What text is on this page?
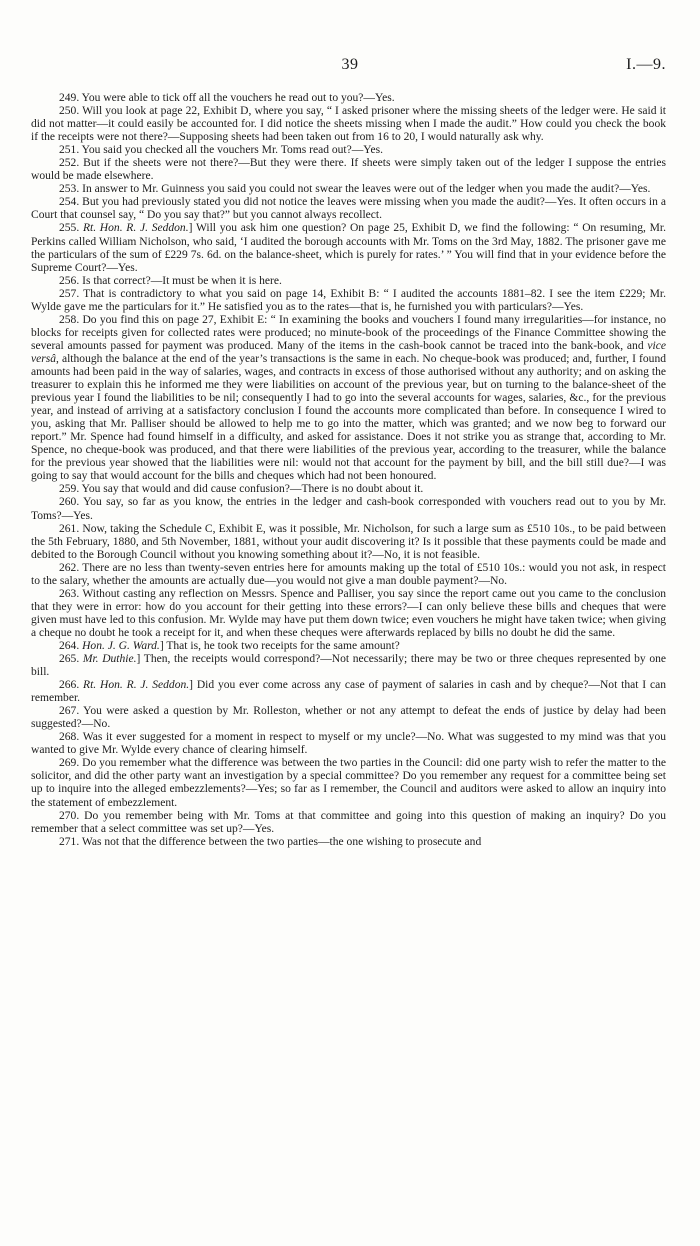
39	I.—9.

249. You were able to tick off all the vouchers he read out to you?—Yes.

250. Will you look at page 22, Exhibit D, where you say, “ I asked prisoner where the missing sheets of the ledger were. He said it did not matter—it could easily be accounted for. I did notice the sheets missing when I made the audit.” How could you check the book if the receipts were not there?—Supposing sheets had been taken out from 16 to 20, I would naturally ask why.

251. You said you checked all the vouchers Mr. Toms read out?—Yes.

252. But if the sheets were not there?—But they were there. If sheets were simply taken out of the ledger I suppose the entries would be made elsewhere.

253. In answer to Mr. Guinness you said you could not swear the leaves were out of the ledger when you made the audit?—Yes.

254. But you had previously stated you did not notice the leaves were missing when you made the audit?—Yes. It often occurs in a Court that counsel say, “ Do you say that?” but you cannot always recollect.

255. Rt. Hon. R. J. Seddon.] Will you ask him one question? On page 25, Exhibit D, we find the following: “ On resuming, Mr. Perkins called William Nicholson, who said, ‘I audited the borough accounts with Mr. Toms on the 3rd May, 1882. The prisoner gave me the particulars of the sum of £229 7s. 6d. on the balance-sheet, which is purely for rates.’ ” You will find that in your evidence before the Supreme Court?—Yes.

256. Is that correct?—It must be when it is here.

257. That is contradictory to what you said on page 14, Exhibit B: “ I audited the accounts 1881–82. I see the item £229; Mr. Wylde gave me the particulars for it.” He satisfied you as to the rates—that is, he furnished you with particulars?—Yes.

258. Do you find this on page 27, Exhibit E: “ In examining the books and vouchers I found many irregularities—for instance, no blocks for receipts given for collected rates were produced; no minute-book of the proceedings of the Finance Committee showing the several amounts passed for payment was produced. Many of the items in the cash-book cannot be traced into the bank-book, and vice versâ, although the balance at the end of the year’s transactions is the same in each. No cheque-book was produced; and, further, I found amounts had been paid in the way of salaries, wages, and contracts in excess of those authorised without any authority; and on asking the treasurer to explain this he informed me they were liabilities on account of the previous year, but on turning to the balance-sheet of the previous year I found the liabilities to be nil; consequently I had to go into the several accounts for wages, salaries, &c., for the previous year, and instead of arriving at a satisfactory conclusion I found the accounts more complicated than before. In consequence I wired to you, asking that Mr. Palliser should be allowed to help me to go into the matter, which was granted; and we now beg to forward our report.” Mr. Spence had found himself in a difficulty, and asked for assistance. Does it not strike you as strange that, according to Mr. Spence, no cheque-book was produced, and that there were liabilities of the previous year, according to the treasurer, while the balance for the previous year showed that the liabilities were nil: would not that account for the payment by bill, and the bill still due?—I was going to say that would account for the bills and cheques which had not been honoured.

259. You say that would and did cause confusion?—There is no doubt about it.

260. You say, so far as you know, the entries in the ledger and cash-book corresponded with vouchers read out to you by Mr. Toms?—Yes.

261. Now, taking the Schedule C, Exhibit E, was it possible, Mr. Nicholson, for such a large sum as £510 10s., to be paid between the 5th February, 1880, and 5th November, 1881, without your audit discovering it? Is it possible that these payments could be made and debited to the Borough Council without you knowing something about it?—No, it is not feasible.

262. There are no less than twenty-seven entries here for amounts making up the total of £510 10s.: would you not ask, in respect to the salary, whether the amounts are actually due—you would not give a man double payment?—No.

263. Without casting any reflection on Messrs. Spence and Palliser, you say since the report came out you came to the conclusion that they were in error: how do you account for their getting into these errors?—I can only believe these bills and cheques that were given must have led to this confusion. Mr. Wylde may have put them down twice; even vouchers he might have taken twice; when giving a cheque no doubt he took a receipt for it, and when these cheques were afterwards replaced by bills no doubt he did the same.

264. Hon. J. G. Ward.] That is, he took two receipts for the same amount?

265. Mr. Duthie.] Then, the receipts would correspond?—Not necessarily; there may be two or three cheques represented by one bill.

266. Rt. Hon. R. J. Seddon.] Did you ever come across any case of payment of salaries in cash and by cheque?—Not that I can remember.

267. You were asked a question by Mr. Rolleston, whether or not any attempt to defeat the ends of justice by delay had been suggested?—No.

268. Was it ever suggested for a moment in respect to myself or my uncle?—No. What was suggested to my mind was that you wanted to give Mr. Wylde every chance of clearing himself.

269. Do you remember what the difference was between the two parties in the Council: did one party wish to refer the matter to the solicitor, and did the other party want an investigation by a special committee? Do you remember any request for a committee being set up to inquire into the alleged embezzlements?—Yes; so far as I remember, the Council and auditors were asked to allow an inquiry into the statement of embezzlement.

270. Do you remember being with Mr. Toms at that committee and going into this question of making an inquiry? Do you remember that a select committee was set up?—Yes.

271. Was not that the difference between the two parties—the one wishing to prosecute and
